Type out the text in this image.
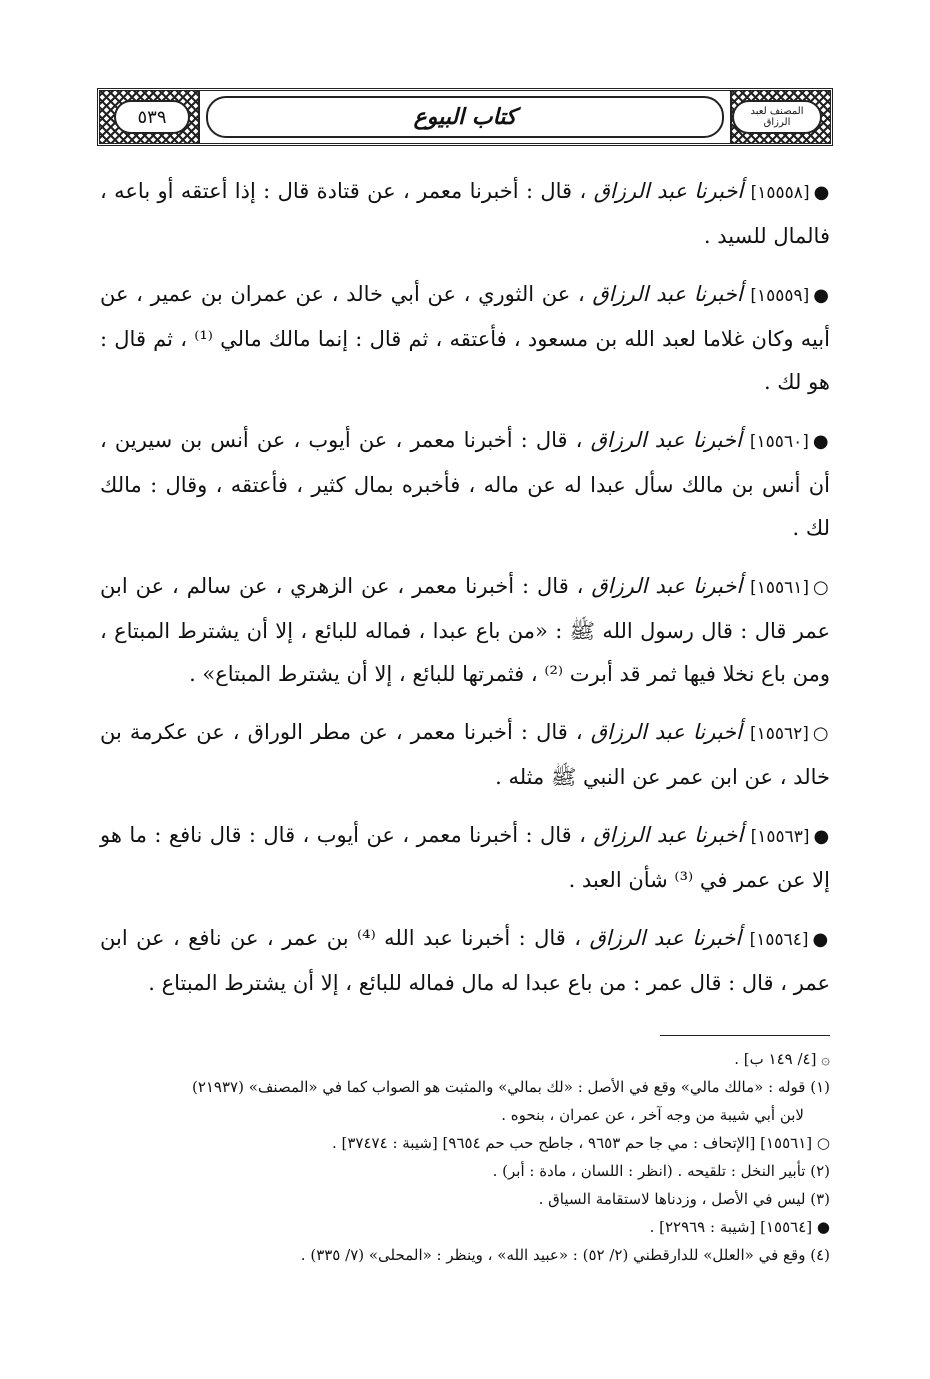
٥٣٩	كتاب البيوع	المصنف لعبد الرزاق

●[١٥٥٥٨] أخبرنا عبد الرزاق ، قال : أخبرنا معمر ، عن قتادة قال : إذا أعتقه أو باعه ، فالمال للسيد .

●[١٥٥٥٩] أخبرنا عبد الرزاق ، عن الثوري ، عن أبي خالد ، عن عمران بن عمير ، عن أبيه وكان غلاما لعبد الله بن مسعود ، فأعتقه ، ثم قال : إنما مالك مالي ⁽¹⁾ ، ثم قال : هو لك .

●[١٥٥٦٠] أخبرنا عبد الرزاق ، قال : أخبرنا معمر ، عن أيوب ، عن أنس بن سيرين ، أن أنس بن مالك سأل عبدا له عن ماله ، فأخبره بمال كثير ، فأعتقه ، وقال : مالك لك .

○[١٥٥٦١] أخبرنا عبد الرزاق ، قال : أخبرنا معمر ، عن الزهري ، عن سالم ، عن ابن عمر قال : قال رسول الله ﷺ : «من باع عبدا ، فماله للبائع ، إلا أن يشترط المبتاع ، ومن باع نخلا فيها ثمر قد أبرت ⁽²⁾ ، فثمرتها للبائع ، إلا أن يشترط المبتاع» .

○[١٥٥٦٢] أخبرنا عبد الرزاق ، قال : أخبرنا معمر ، عن مطر الوراق ، عن عكرمة بن خالد ، عن ابن عمر عن النبي ﷺ مثله .

●[١٥٥٦٣] أخبرنا عبد الرزاق ، قال : أخبرنا معمر ، عن أيوب ، قال : قال نافع : ما هو إلا عن عمر في ⁽³⁾ شأن العبد .

●[١٥٥٦٤] أخبرنا عبد الرزاق ، قال : أخبرنا عبد الله ⁽⁴⁾ بن عمر ، عن نافع ، عن ابن عمر ، قال : قال عمر : من باع عبدا له مال فماله للبائع ، إلا أن يشترط المبتاع .

۞ [٤/ ١٤٩ ب] .

(١) قوله : «مالك مالي» وقع في الأصل : «لك بمالي» والمثبت هو الصواب كما في «المصنف» (٢١٩٣٧)

لابن أبي شيبة من وجه آخر ، عن عمران ، بنحوه .

○ [١٥٥٦١] [الإتحاف : مي جا حم ٩٦٥٣ ، جاطح حب حم ٩٦٥٤] [شيبة : ٣٧٤٧٤] .

(٢) تأبير النخل : تلقيحه . (انظر : اللسان ، مادة : أبر) .

(٣) ليس في الأصل ، وزدناها لاستقامة السياق .

● [١٥٥٦٤] [شيبة : ٢٢٩٦٩] .

(٤) وقع في «العلل» للدارقطني (٢/ ٥٢) : «عبيد الله» ، وينظر : «المحلى» (٧/ ٣٣٥) .
